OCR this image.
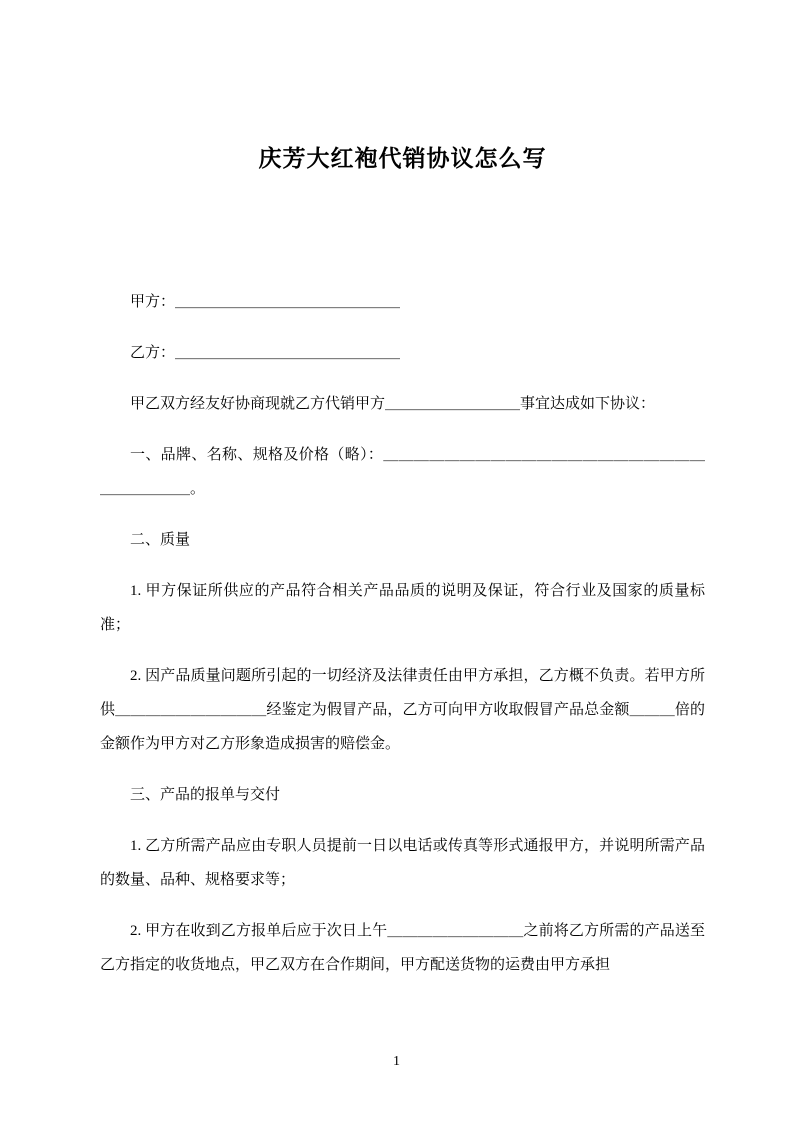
庆芳大红袍代销协议怎么写

甲方：＿＿＿＿＿＿＿＿＿＿＿＿＿＿＿

乙方：＿＿＿＿＿＿＿＿＿＿＿＿＿＿＿

甲乙双方经友好协商现就乙方代销甲方＿＿＿＿＿＿＿＿＿事宜达成如下协议：

一、品牌、名称、规格及价格（略）：＿＿＿＿＿＿＿＿＿＿＿＿＿＿＿＿＿＿＿＿＿＿＿＿＿＿＿。

二、质量

1. 甲方保证所供应的产品符合相关产品品质的说明及保证，符合行业及国家的质量标准；

2. 因产品质量问题所引起的一切经济及法律责任由甲方承担，乙方概不负责。若甲方所供＿＿＿＿＿＿＿＿＿＿经鉴定为假冒产品，乙方可向甲方收取假冒产品总金额＿＿＿倍的金额作为甲方对乙方形象造成损害的赔偿金。

三、产品的报单与交付

1. 乙方所需产品应由专职人员提前一日以电话或传真等形式通报甲方，并说明所需产品的数量、品种、规格要求等；

2. 甲方在收到乙方报单后应于次日上午＿＿＿＿＿＿＿＿＿之前将乙方所需的产品送至乙方指定的收货地点，甲乙双方在合作期间，甲方配送货物的运费由甲方承担

1
